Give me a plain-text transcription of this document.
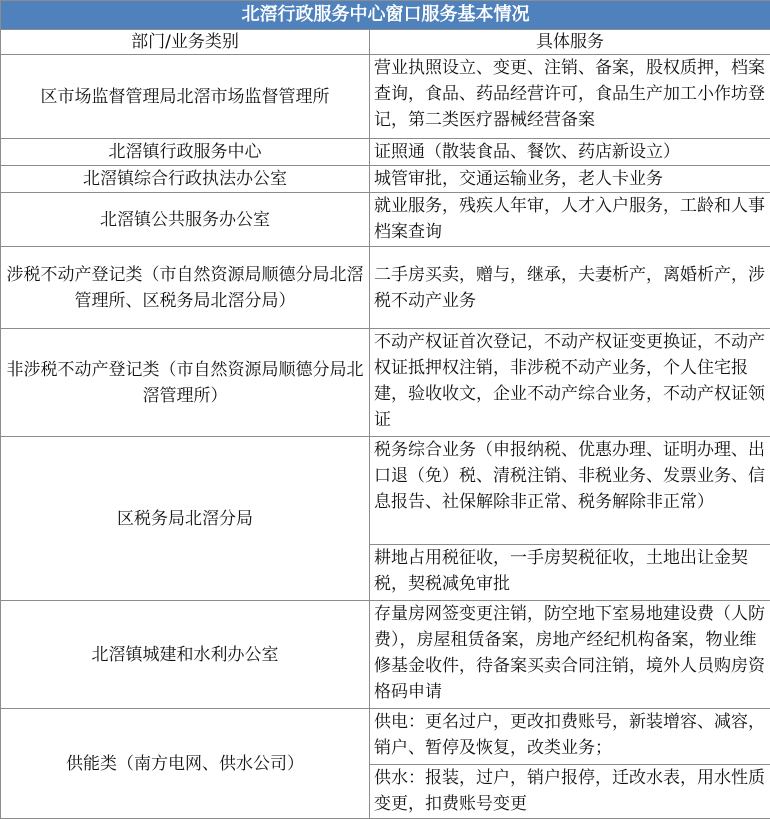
北滘行政服务中心窗口服务基本情况	
部门/业务类别	具体服务
区市场监督管理局北滘市场监督管理所	营业执照设立、变更、注销、备案，股权质押，档案查询，食品、药品经营许可，食品生产加工小作坊登记，第二类医疗器械经营备案
北滘镇行政服务中心	证照通（散装食品、餐饮、药店新设立）
北滘镇综合行政执法办公室	城管审批，交通运输业务，老人卡业务
北滘镇公共服务办公室	就业服务，残疾人年审，人才入户服务，工龄和人事档案查询
涉税不动产登记类（市自然资源局顺德分局北滘管理所、区税务局北滘分局）	二手房买卖，赠与，继承，夫妻析产，离婚析产，涉税不动产业务
非涉税不动产登记类（市自然资源局顺德分局北滘管理所）	不动产权证首次登记，不动产权证变更换证，不动产权证抵押权注销，非涉税不动产业务，个人住宅报建，验收收文，企业不动产综合业务，不动产权证领证
区税务局北滘分局	税务综合业务（申报纳税、优惠办理、证明办理、出口退（免）税、清税注销、非税业务、发票业务、信息报告、社保解除非正常、税务解除非正常）
	耕地占用税征收，一手房契税征收，土地出让金契税，契税减免审批
北滘镇城建和水利办公室	存量房网签变更注销，防空地下室易地建设费（人防费），房屋租赁备案，房地产经纪机构备案，物业维修基金收件，待备案买卖合同注销，境外人员购房资格码申请
供能类（南方电网、供水公司）	供电：更名过户，更改扣费账号，新装增容、减容，销户、暂停及恢复，改类业务；
	供水：报装，过户，销户报停，迁改水表，用水性质变更，扣费账号变更
